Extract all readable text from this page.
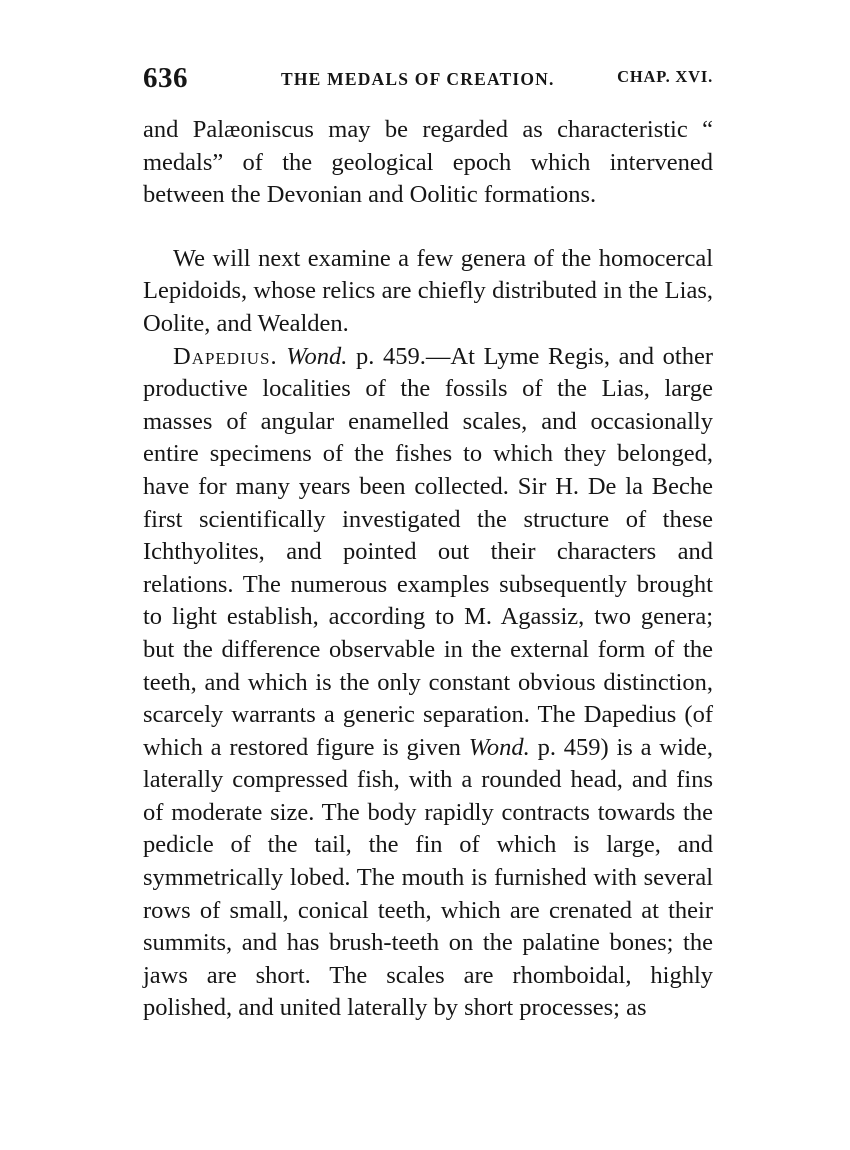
636	THE MEDALS OF CREATION.	CHAP. XVI.

and Palæoniscus may be regarded as characteristic “ medals” of the geological epoch which intervened between the Devonian and Oolitic formations.

We will next examine a few genera of the homocercal Lepidoids, whose relics are chiefly distributed in the Lias, Oolite, and Wealden.

Dapedius. Wond. p. 459.—At Lyme Regis, and other productive localities of the fossils of the Lias, large masses of angular enamelled scales, and occasionally entire specimens of the fishes to which they belonged, have for many years been collected. Sir H. De la Beche first scientifically investigated the structure of these Ichthyolites, and pointed out their characters and relations. The numerous examples subsequently brought to light establish, according to M. Agassiz, two genera; but the difference observable in the external form of the teeth, and which is the only constant obvious distinction, scarcely warrants a generic separation. The Dapedius (of which a restored figure is given Wond. p. 459) is a wide, laterally compressed fish, with a rounded head, and fins of moderate size. The body rapidly contracts towards the pedicle of the tail, the fin of which is large, and symmetrically lobed. The mouth is furnished with several rows of small, conical teeth, which are crenated at their summits, and has brush-teeth on the palatine bones; the jaws are short. The scales are rhomboidal, highly polished, and united laterally by short processes; as
